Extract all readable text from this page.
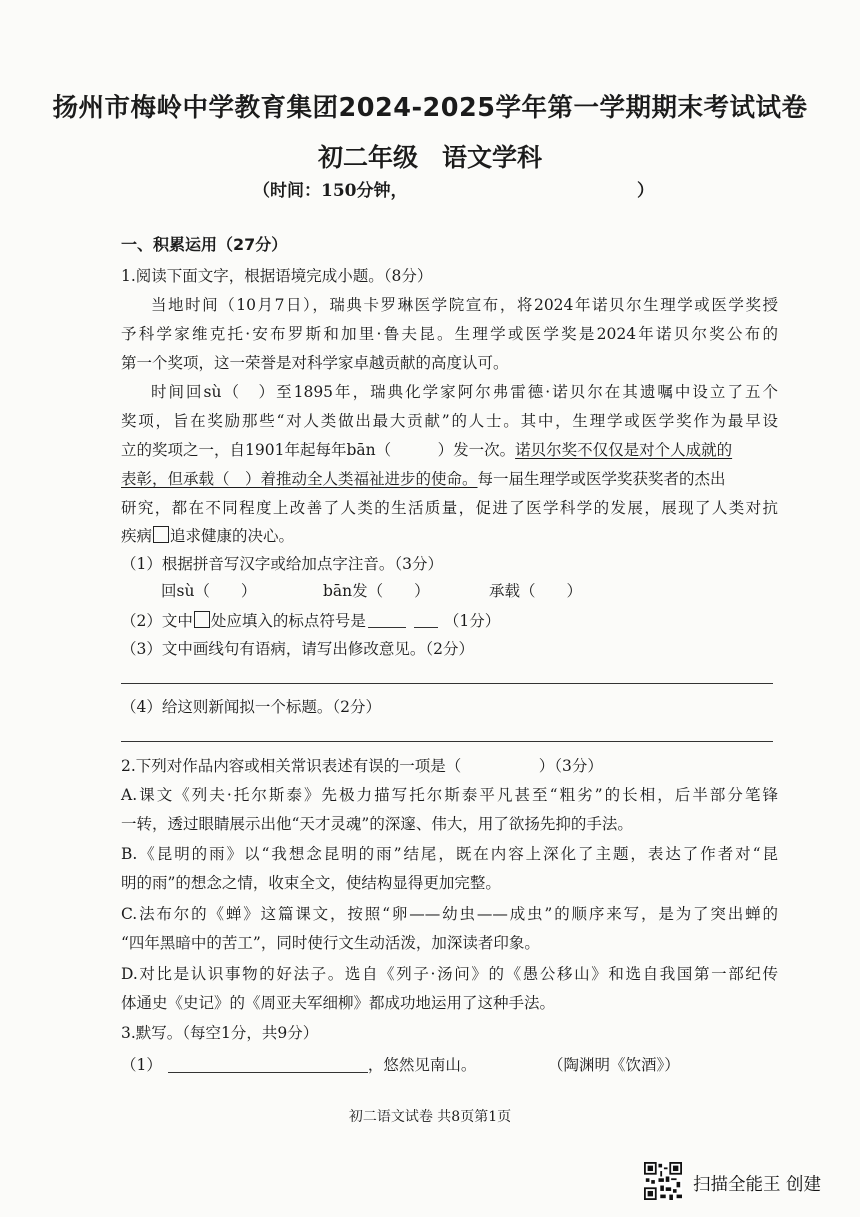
扬州市梅岭中学教育集团2024-2025学年第一学期期末考试试卷
初二年级 语文学科
（时间：150分钟，	）
一、积累运用（27分）
1.阅读下面文字，根据语境完成小题。（8分）
当地时间（10月7日），瑞典卡罗琳医学院宣布，将2024年诺贝尔生理学或医学奖授
予科学家维克托·安布罗斯和加里·鲁夫昆。生理学或医学奖是2024年诺贝尔奖公布的
第一个奖项，这一荣誉是对科学家卓越贡献的高度认可。
时间回sù（　）至1895年，瑞典化学家阿尔弗雷德·诺贝尔在其遗嘱中设立了五个
奖项，旨在奖励那些“对人类做出最大贡献”的人士。其中，生理学或医学奖作为最早设
立的奖项之一，自1901年起每年bān（　　　）发一次。诺贝尔奖不仅仅是对个人成就的
表彰，但承载（　）着推动全人类福祉进步的使命。每一届生理学或医学奖获奖者的杰出
研究，都在不同程度上改善了人类的生活质量，促进了医学科学的发展，展现了人类对抗
疾病 追求健康的决心。
（1）根据拼音写汉字或给加点字注音。（3分）
回sù（　　）	bān发（　　）	承载（　　）
（2）文中 处应填入的标点符号是	（1分）
（3）文中画线句有语病，请写出修改意见。（2分）
（4）给这则新闻拟一个标题。（2分）
2.下列对作品内容或相关常识表述有误的一项是（　　　　　）（3分）
A.课文《列夫·托尔斯泰》先极力描写托尔斯泰平凡甚至“粗劣”的长相，后半部分笔锋
一转，透过眼睛展示出他“天才灵魂”的深邃、伟大，用了欲扬先抑的手法。
B.《昆明的雨》以“我想念昆明的雨”结尾，既在内容上深化了主题，表达了作者对“昆
明的雨”的想念之情，收束全文，使结构显得更加完整。
C.法布尔的《蝉》这篇课文，按照“卵——幼虫——成虫”的顺序来写，是为了突出蝉的
“四年黑暗中的苦工”，同时使行文生动活泼，加深读者印象。
D.对比是认识事物的好法子。选自《列子·汤问》的《愚公移山》和选自我国第一部纪传
体通史《史记》的《周亚夫军细柳》都成功地运用了这种手法。
3.默写。（每空1分，共9分）
（1）	，悠然见南山。	（陶渊明《饮酒》）
初二语文试卷 共8页第1页
扫描全能王 创建
